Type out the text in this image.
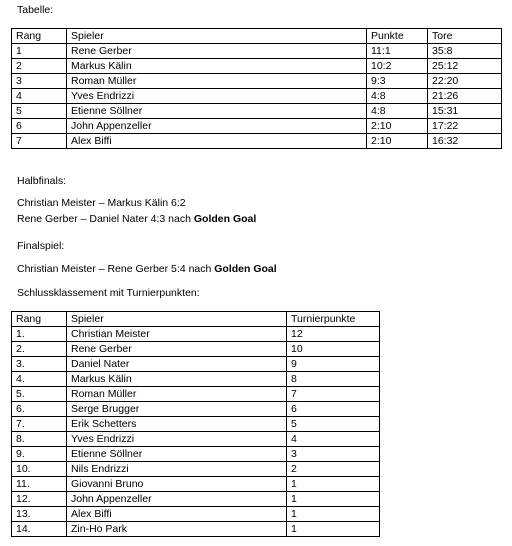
Tabelle:
Rang	Spieler	Punkte	Tore
1	Rene Gerber	11:1	35:8
2	Markus Kälin	10:2	25:12
3	Roman Müller	9:3	22:20
4	Yves Endrizzi	4:8	21:26
5	Etienne Söllner	4:8	15:31
6	John Appenzeller	2:10	17:22
7	Alex Biffi	2:10	16:32
Halbfinals:
Christian Meister – Markus Kälin 6:2
Rene Gerber – Daniel Nater 4:3 nach Golden Goal
Finalspiel:
Christian Meister – Rene Gerber 5:4 nach Golden Goal
Schlussklassement mit Turnierpunkten:
Rang	Spieler	Turnierpunkte
1.	Christian Meister	12
2.	Rene Gerber	10
3.	Daniel Nater	9
4.	Markus Kälin	8
5.	Roman Müller	7
6.	Serge Brugger	6
7.	Erik Schetters	5
8.	Yves Endrizzi	4
9.	Etienne Söllner	3
10.	Nils Endrizzi	2
11.	Giovanni Bruno	1
12.	John Appenzeller	1
13.	Alex Biffi	1
14.	Zin-Ho Park	1
